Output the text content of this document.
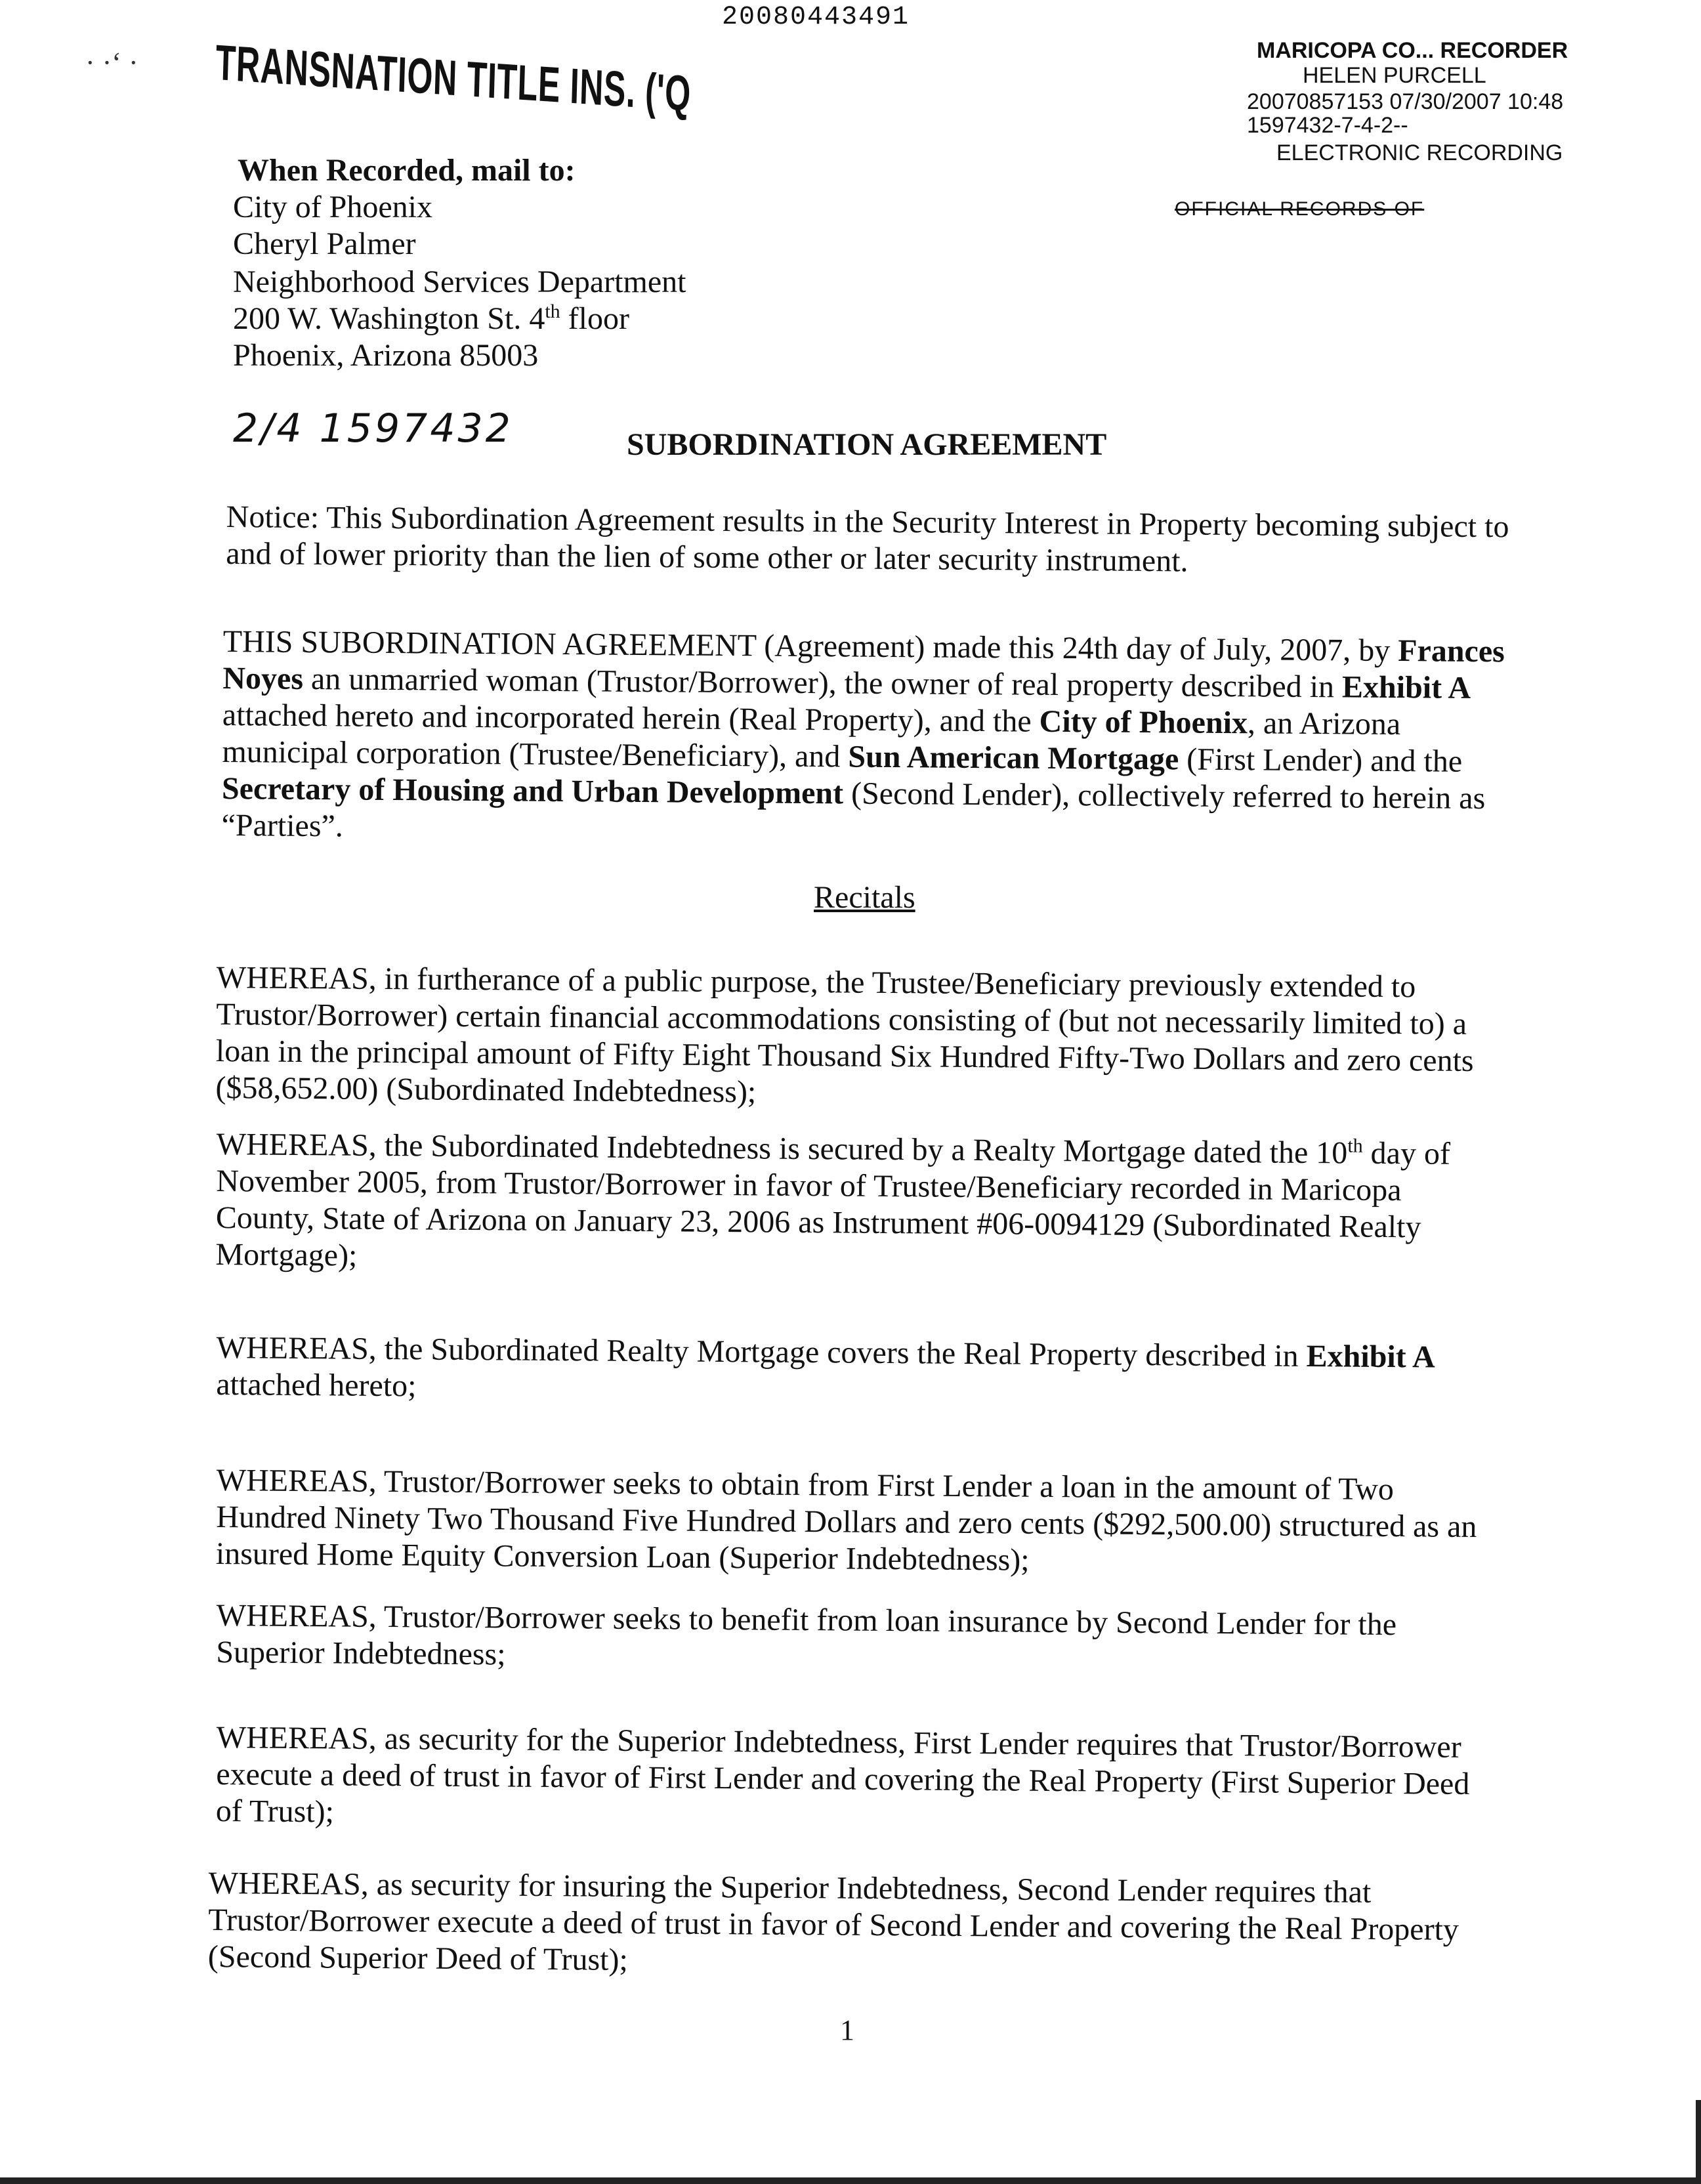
· ·‘ ·
20080443491
TRANSNATION TITLE INS. ('Q	MARICOPA CO... RECORDER
HELEN PURCELL
20070857153 07/30/2007 10:48
1597432-7-4-2--
ELECTRONIC RECORDING
OFFICIAL RECORDS OF
When Recorded, mail to:
City of Phoenix
Cheryl Palmer
Neighborhood Services Department
200 W. Washington St. 4th floor
Phoenix, Arizona 85003
2/4 1597432	SUBORDINATION AGREEMENT

Notice: This Subordination Agreement results in the Security Interest in Property becoming subject to and of lower priority than the lien of some other or later security instrument.

THIS SUBORDINATION AGREEMENT (Agreement) made this 24th day of July, 2007, by Frances Noyes an unmarried woman (Trustor/Borrower), the owner of real property described in Exhibit A attached hereto and incorporated herein (Real Property), and the City of Phoenix, an Arizona municipal corporation (Trustee/Beneficiary), and Sun American Mortgage (First Lender) and the Secretary of Housing and Urban Development (Second Lender), collectively referred to herein as “Parties”.

Recitals

WHEREAS, in furtherance of a public purpose, the Trustee/Beneficiary previously extended to Trustor/Borrower) certain financial accommodations consisting of (but not necessarily limited to) a loan in the principal amount of Fifty Eight Thousand Six Hundred Fifty-Two Dollars and zero cents ($58,652.00) (Subordinated Indebtedness);

WHEREAS, the Subordinated Indebtedness is secured by a Realty Mortgage dated the 10th day of November 2005, from Trustor/Borrower in favor of Trustee/Beneficiary recorded in Maricopa County, State of Arizona on January 23, 2006 as Instrument #06-0094129 (Subordinated Realty Mortgage);

WHEREAS, the Subordinated Realty Mortgage covers the Real Property described in Exhibit A attached hereto;

WHEREAS, Trustor/Borrower seeks to obtain from First Lender a loan in the amount of Two Hundred Ninety Two Thousand Five Hundred Dollars and zero cents ($292,500.00) structured as an insured Home Equity Conversion Loan (Superior Indebtedness);

WHEREAS, Trustor/Borrower seeks to benefit from loan insurance by Second Lender for the Superior Indebtedness;

WHEREAS, as security for the Superior Indebtedness, First Lender requires that Trustor/Borrower execute a deed of trust in favor of First Lender and covering the Real Property (First Superior Deed of Trust);

WHEREAS, as security for insuring the Superior Indebtedness, Second Lender requires that Trustor/Borrower execute a deed of trust in favor of Second Lender and covering the Real Property (Second Superior Deed of Trust);

1
